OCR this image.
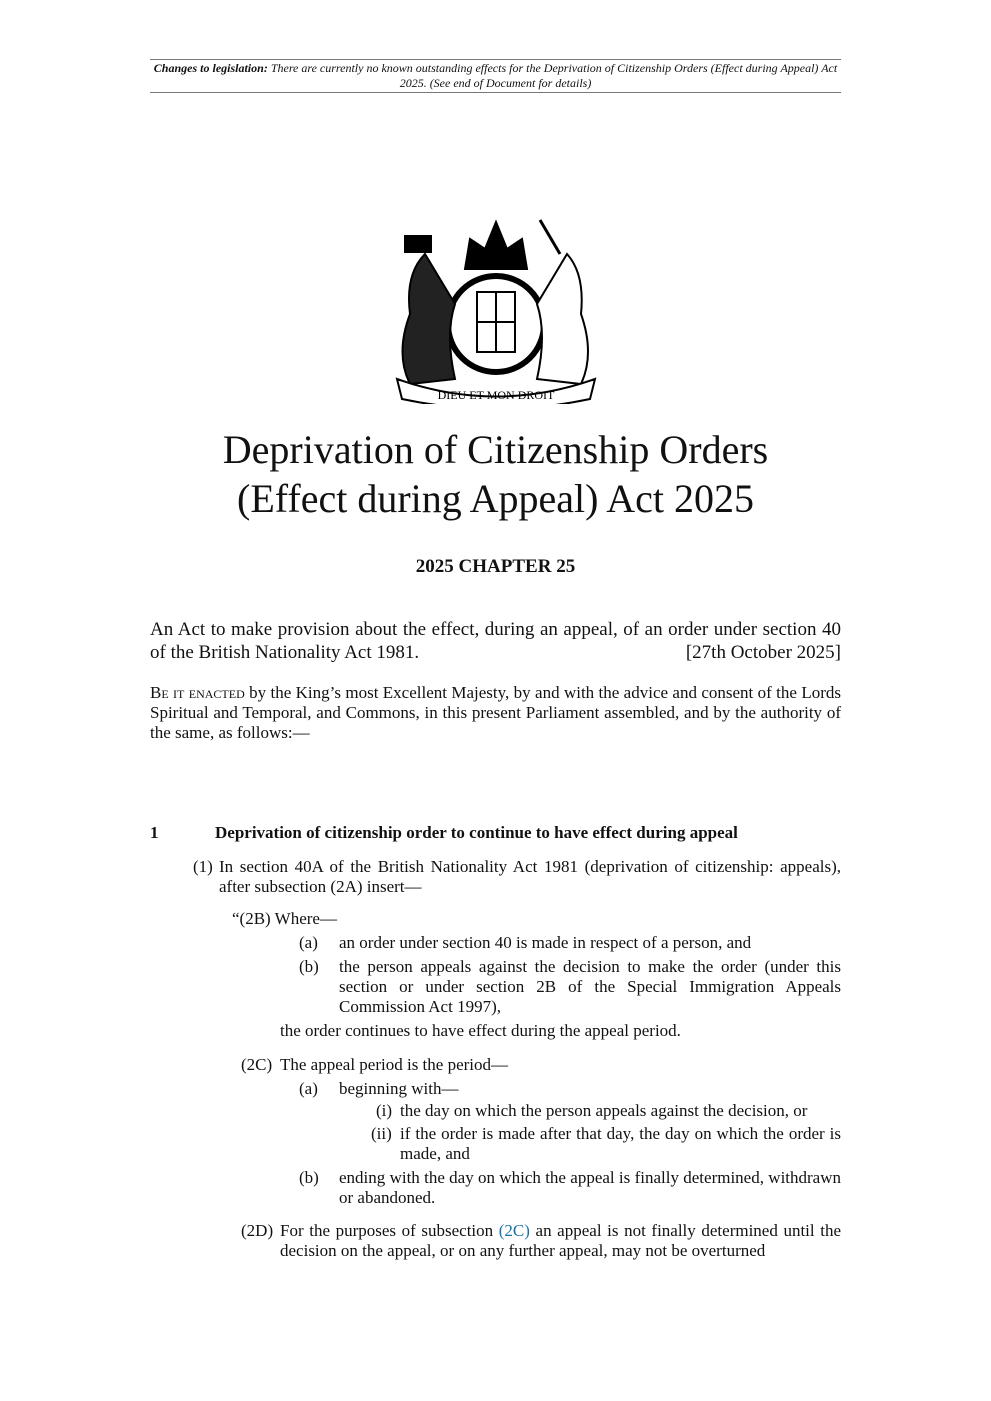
Changes to legislation: There are currently no known outstanding effects for the Deprivation of Citizenship Orders (Effect during Appeal) Act 2025. (See end of Document for details)
DIEU ET MON DROIT
Deprivation of Citizenship Orders
(Effect during Appeal) Act 2025
2025 CHAPTER 25
An Act to make provision about the effect, during an appeal, of an order under section 40 of the British Nationality Act 1981.	[27th October 2025]
Be it enacted by the King’s most Excellent Majesty, by and with the advice and consent of the Lords Spiritual and Temporal, and Commons, in this present Parliament assembled, and by the authority of the same, as follows:—
1	Deprivation of citizenship order to continue to have effect during appeal
(1) In section 40A of the British Nationality Act 1981 (deprivation of citizenship: appeals), after subsection (2A) insert—
“(2B) Where—
(a) an order under section 40 is made in respect of a person, and
(b) the person appeals against the decision to make the order (under this section or under section 2B of the Special Immigration Appeals Commission Act 1997),
the order continues to have effect during the appeal period.
(2C) The appeal period is the period—
(a) beginning with—
(i) the day on which the person appeals against the decision, or
(ii) if the order is made after that day, the day on which the order is made, and
(b) ending with the day on which the appeal is finally determined, withdrawn or abandoned.
(2D) For the purposes of subsection (2C) an appeal is not finally determined until the decision on the appeal, or on any further appeal, may not be overturned
